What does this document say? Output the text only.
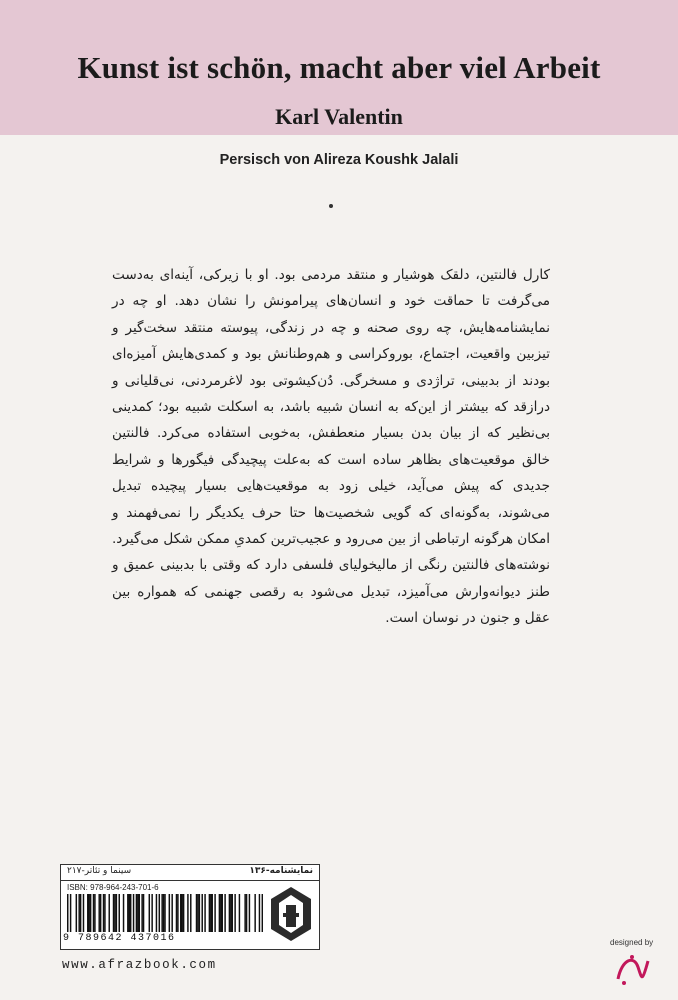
Kunst ist schön, macht aber viel Arbeit
Karl Valentin
Persisch von Alireza Koushk Jalali
کارل فالنتین، دلقک هوشیار و منتقد مردمی بود. او با زیرکی، آینه‌ای به‌دست می‌گرفت تا حماقت خود و انسان‌های پیرامونش را نشان دهد. او چه در نمایشنامه‌هایش، چه روی صحنه و چه در زندگی، پیوسته منتقد سخت‌گیر و تیزبین واقعیت، اجتماع، بوروکراسی و هم‌وطنانش بود و کمدی‌هایش آمیزه‌ای بودند از بدبینی، تراژدی و مسخرگی. دُن‌کیشوتی بود لاغرمردنی، نی‌قلیانی و درازقد که بیشتر از این‌که به انسان شبیه باشد، به اسکلت شبیه بود؛ کمدینی بی‌نظیر که از بیان بدن بسیار منعطفش، به‌خوبی استفاده می‌کرد. فالنتین خالق موقعیت‌های بظاهر ساده است که به‌علت پیچیدگی فیگورها و شرایط جدیدی که پیش می‌آید، خیلی زود به موقعیت‌هایی بسیار پیچیده تبدیل می‌شوند، به‌گونه‌ای که گویی شخصیت‌ها حتا حرف یکدیگر را نمی‌فهمند و امکان هرگونه ارتباطی از بین می‌رود و عجیب‌ترین کمدیِ ممکن شکل می‌گیرد. نوشته‌های فالنتین رنگی از مالیخولیای فلسفی دارد که وقتی با بدبینی عمیق و طنز دیوانه‌وارش می‌آمیزد، تبدیل می‌شود به رقصی جهنمی که همواره بین عقل و جنون در نوسان است.
سینما و تئاتر-۲۱۷	نمایشنامه-۱۳۶
ISBN: 978-964-243-701-6
9 789642 437016
www.afrazbook.com
designed by
